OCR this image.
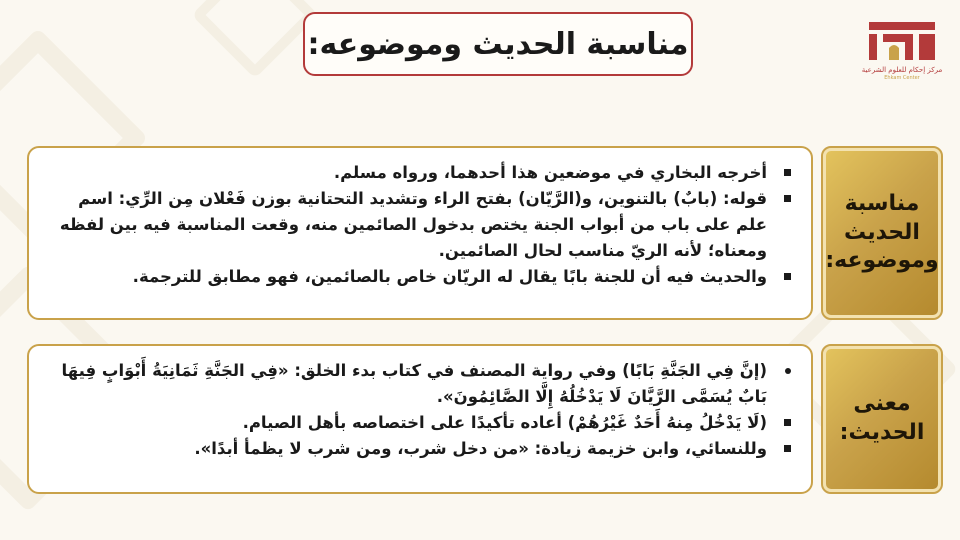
مناسبة الحديث وموضوعه:
مركز إحكام للعلوم الشرعية
Ehkam Center
أخرجه البخاري في موضعين هذا أحدهما، ورواه مسلم.
قوله: (بابٌ) بالتنوين، و(الرَّيّان) بفتح الراء وتشديد التحتانية بوزن فَعْلان مِن الرِّي: اسم علم على باب من أبواب الجنة يختص بدخول الصائمين منه، وقعت المناسبة فيه بين لفظه ومعناه؛ لأنه الريّ مناسب لحال الصائمين.
والحديث فيه أن للجنة بابًا يقال له الريّان خاص بالصائمين، فهو مطابق للترجمة.
مناسبة الحديث وموضوعه:
(إنَّ فِي الجَنَّةِ بَابًا) وفي رواية المصنف في كتاب بدء الخلق: «فِي الجَنَّةِ ثَمَانِيَةُ أَبْوَابٍ فِيهَا بَابٌ يُسَمَّى الرَّيَّانَ لَا يَدْخُلُهُ إِلَّا الصَّائِمُونَ».
(لَا يَدْخُلُ مِنهُ أَحَدٌ غَيْرُهُمْ) أعاده تأكيدًا على اختصاصه بأهل الصيام.
وللنسائي، وابن خزيمة زيادة: «من دخل شرب، ومن شرب لا يظمأ أبدًا».
معنى الحديث:
